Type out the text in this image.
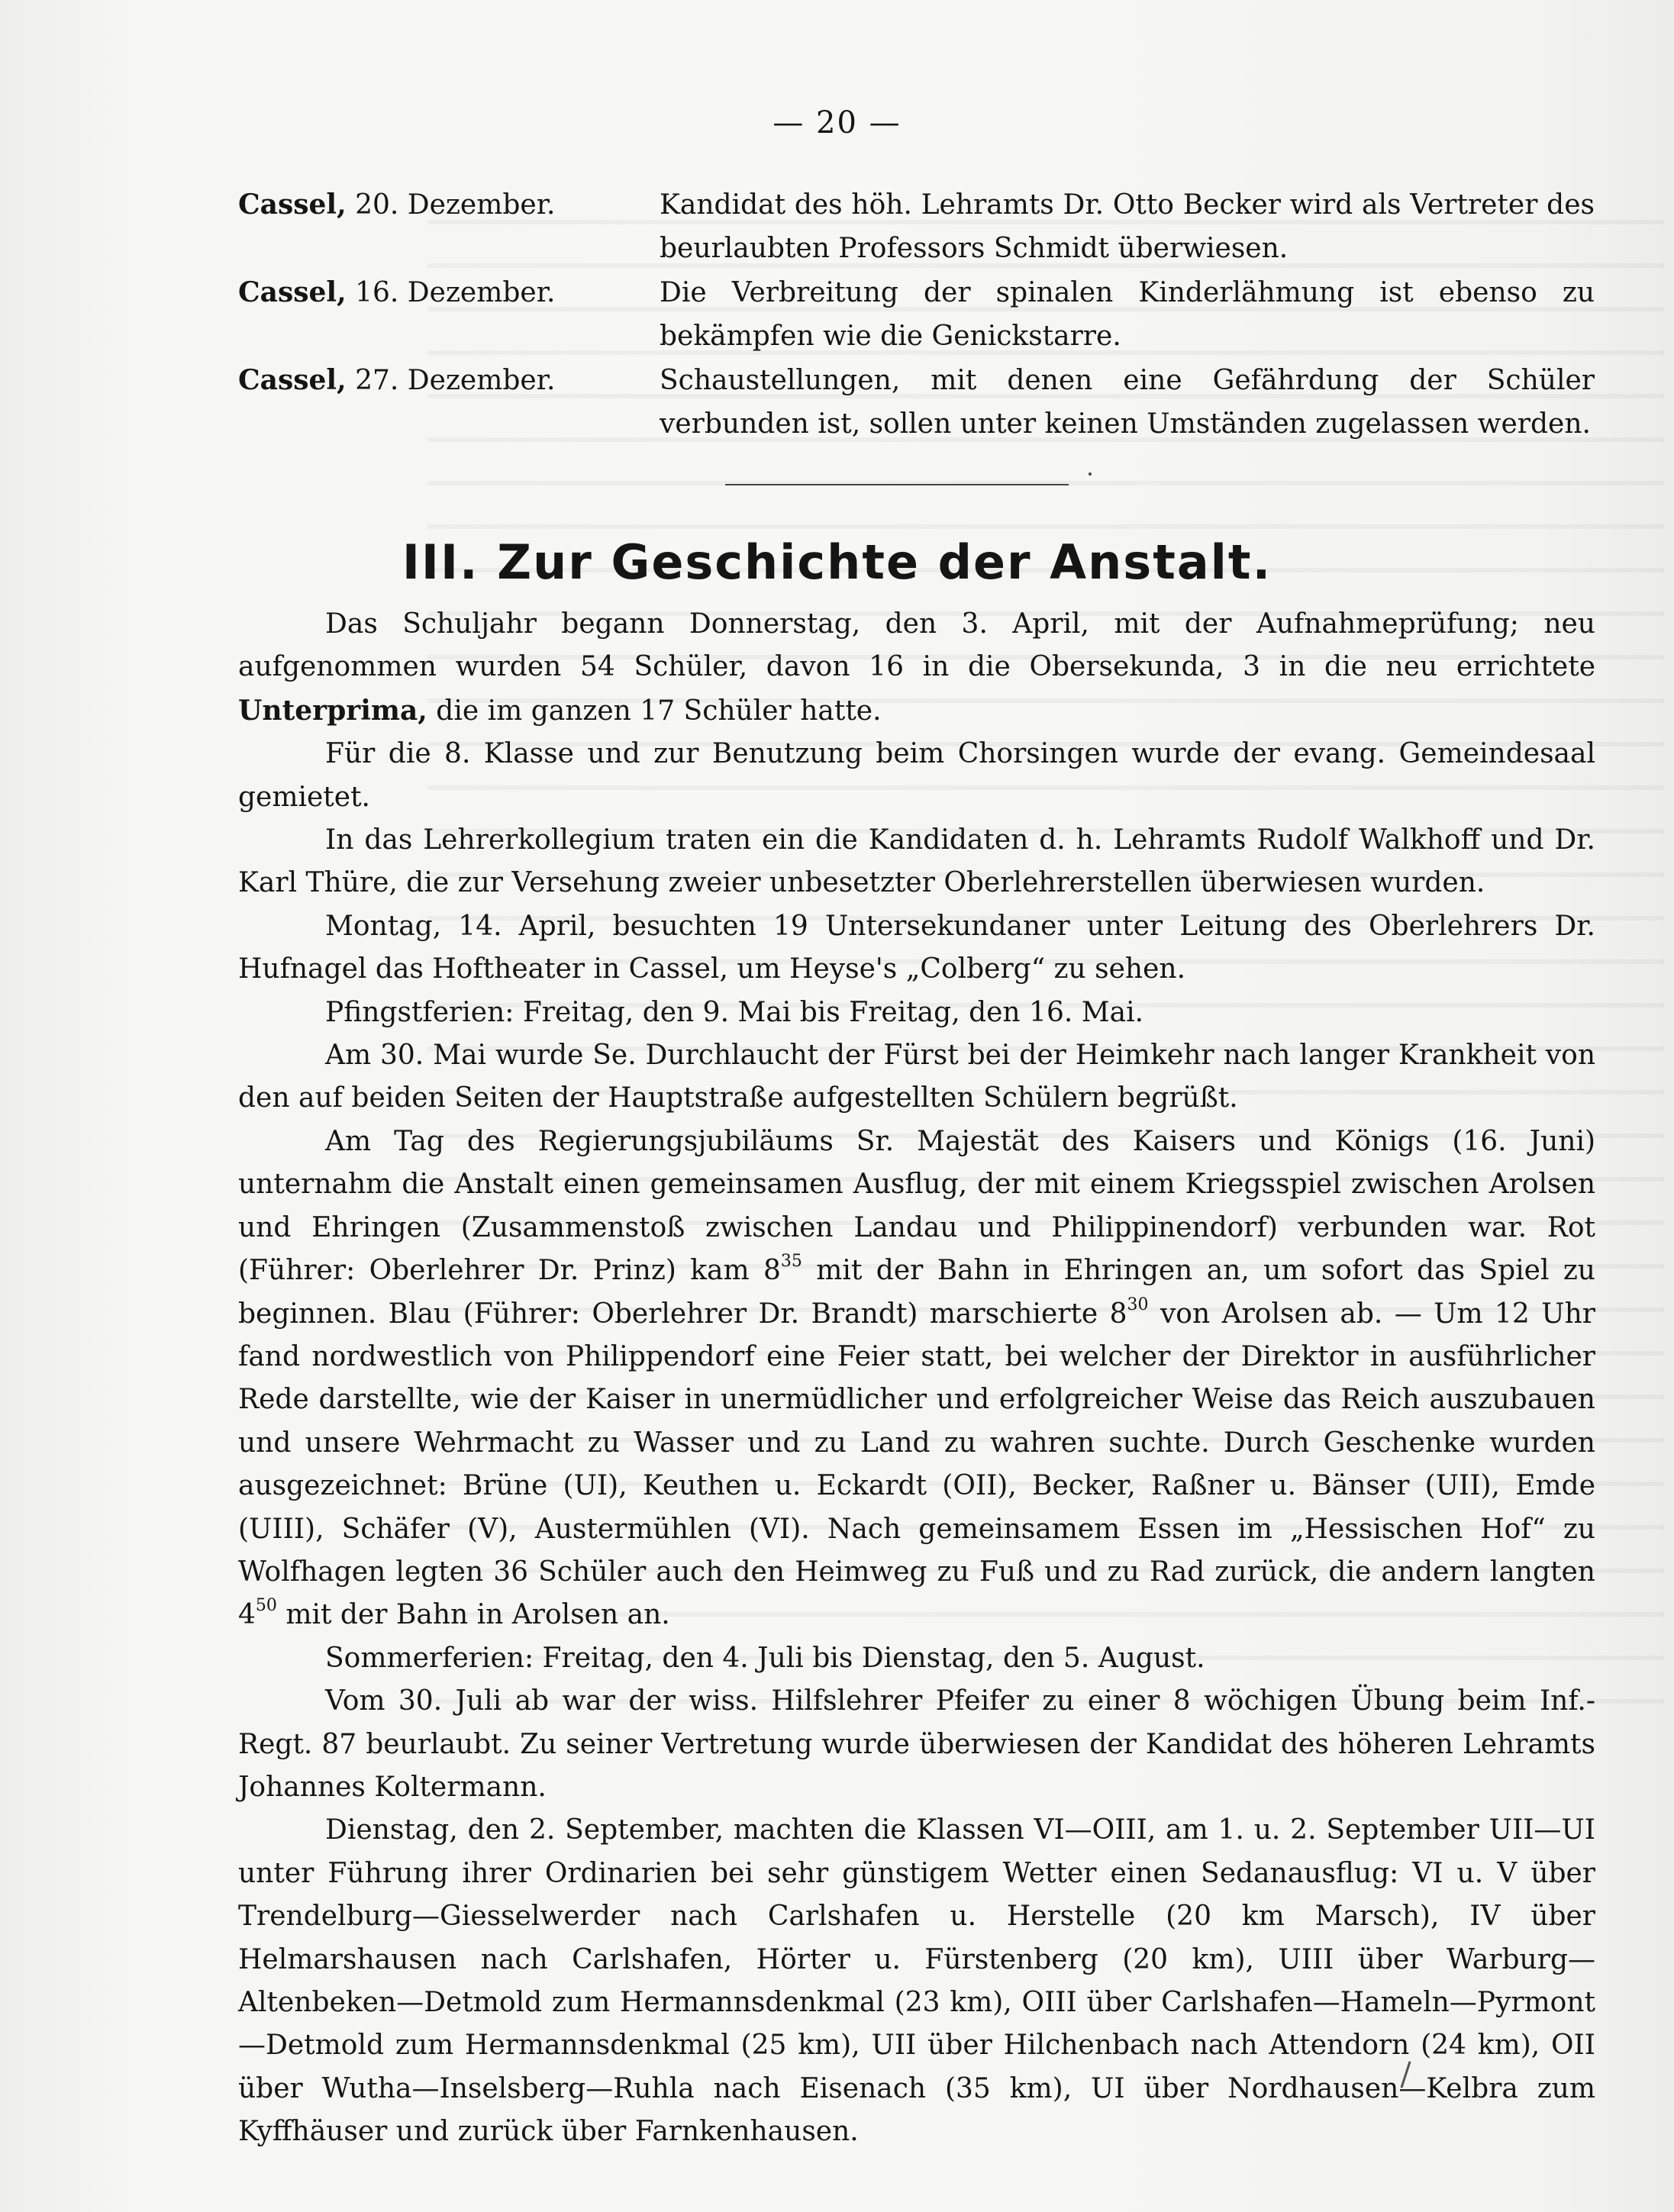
— 20 —
Cassel, 20. Dezember.	Kandidat des höh. Lehramts Dr. Otto Becker wird als Vertreter des beurlaubten Professors Schmidt überwiesen.
Cassel, 16. Dezember.	Die Verbreitung der spinalen Kinderlähmung ist ebenso zu bekämpfen wie die Genickstarre.
Cassel, 27. Dezember.	Schaustellungen, mit denen eine Gefährdung der Schüler verbunden ist, sollen unter keinen Umständen zugelassen werden.
III. Zur Geschichte der Anstalt.

Das Schuljahr begann Donnerstag, den 3. April, mit der Aufnahmeprüfung; neu aufgenommen wurden 54 Schüler, davon 16 in die Obersekunda, 3 in die neu errichtete Unterprima, die im ganzen 17 Schüler hatte.

Für die 8. Klasse und zur Benutzung beim Chorsingen wurde der evang. Gemeindesaal gemietet.

In das Lehrerkollegium traten ein die Kandidaten d. h. Lehramts Rudolf Walkhoff und Dr. Karl Thüre, die zur Versehung zweier unbesetzter Oberlehrerstellen überwiesen wurden.

Montag, 14. April, besuchten 19 Untersekundaner unter Leitung des Oberlehrers Dr. Hufnagel das Hoftheater in Cassel, um Heyse's „Colberg“ zu sehen.

Pfingstferien: Freitag, den 9. Mai bis Freitag, den 16. Mai.

Am 30. Mai wurde Se. Durchlaucht der Fürst bei der Heimkehr nach langer Krankheit von den auf beiden Seiten der Hauptstraße aufgestellten Schülern begrüßt.

Am Tag des Regierungsjubiläums Sr. Majestät des Kaisers und Königs (16. Juni) unternahm die Anstalt einen gemeinsamen Ausflug, der mit einem Kriegsspiel zwischen Arolsen und Ehringen (Zusammenstoß zwischen Landau und Philippinendorf) verbunden war. Rot (Führer: Oberlehrer Dr. Prinz) kam $8^{35}$ mit der Bahn in Ehringen an, um sofort das Spiel zu beginnen. Blau (Führer: Oberlehrer Dr. Brandt) marschierte $8^{30}$ von Arolsen ab. — Um 12 Uhr fand nordwestlich von Philippendorf eine Feier statt, bei welcher der Direktor in ausführlicher Rede darstellte, wie der Kaiser in unermüdlicher und erfolgreicher Weise das Reich auszubauen und unsere Wehrmacht zu Wasser und zu Land zu wahren suchte. Durch Geschenke wurden ausgezeichnet: Brüne (UI), Keuthen u. Eckardt (OII), Becker, Raßner u. Bänser (UII), Emde (UIII), Schäfer (V), Austermühlen (VI). Nach gemeinsamem Essen im „Hessischen Hof“ zu Wolfhagen legten 36 Schüler auch den Heimweg zu Fuß und zu Rad zurück, die andern langten $4^{50}$ mit der Bahn in Arolsen an.

Sommerferien: Freitag, den 4. Juli bis Dienstag, den 5. August.

Vom 30. Juli ab war der wiss. Hilfslehrer Pfeifer zu einer 8 wöchigen Übung beim Inf.-Regt. 87 beurlaubt. Zu seiner Vertretung wurde überwiesen der Kandidat des höheren Lehramts Johannes Koltermann.

Dienstag, den 2. September, machten die Klassen VI—OIII, am 1. u. 2. September UII—UI unter Führung ihrer Ordinarien bei sehr günstigem Wetter einen Sedanausflug: VI u. V über Trendelburg—Giesselwerder nach Carlshafen u. Herstelle (20 km Marsch), IV über Helmarshausen nach Carlshafen, Hörter u. Fürstenberg (20 km), UIII über Warburg—Altenbeken—Detmold zum Hermannsdenkmal (23 km), OIII über Carlshafen—Hameln—Pyrmont—Detmold zum Hermannsdenkmal (25 km), UII über Hilchenbach nach Attendorn (24 km), OII über Wutha—Inselsberg—Ruhla nach Eisenach (35 km), UI über Nordhausen—Kelbra zum Kyffhäuser und zurück über Farnkenhausen.
